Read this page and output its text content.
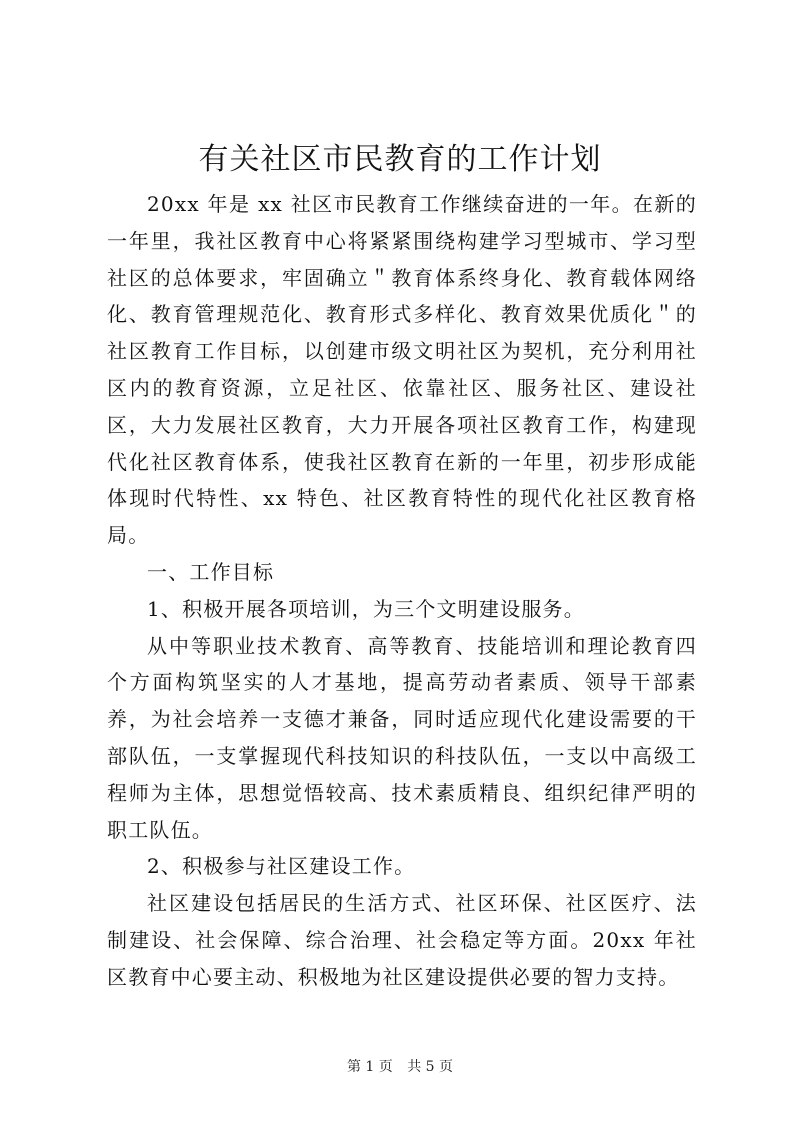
有关社区市民教育的工作计划

20xx 年是 xx 社区市民教育工作继续奋进的一年。在新的一年里，我社区教育中心将紧紧围绕构建学习型城市、学习型社区的总体要求，牢固确立＂教育体系终身化、教育载体网络化、教育管理规范化、教育形式多样化、教育效果优质化＂的社区教育工作目标，以创建市级文明社区为契机，充分利用社区内的教育资源，立足社区、依靠社区、服务社区、建设社区，大力发展社区教育，大力开展各项社区教育工作，构建现代化社区教育体系，使我社区教育在新的一年里，初步形成能体现时代特性、xx 特色、社区教育特性的现代化社区教育格局。

一、工作目标

1、积极开展各项培训，为三个文明建设服务。

从中等职业技术教育、高等教育、技能培训和理论教育四个方面构筑坚实的人才基地，提高劳动者素质、领导干部素养，为社会培养一支德才兼备，同时适应现代化建设需要的干部队伍，一支掌握现代科技知识的科技队伍，一支以中高级工程师为主体，思想觉悟较高、技术素质精良、组织纪律严明的职工队伍。

2、积极参与社区建设工作。

社区建设包括居民的生活方式、社区环保、社区医疗、法制建设、社会保障、综合治理、社会稳定等方面。20xx 年社区教育中心要主动、积极地为社区建设提供必要的智力支持。

第 1 页 共 5 页
